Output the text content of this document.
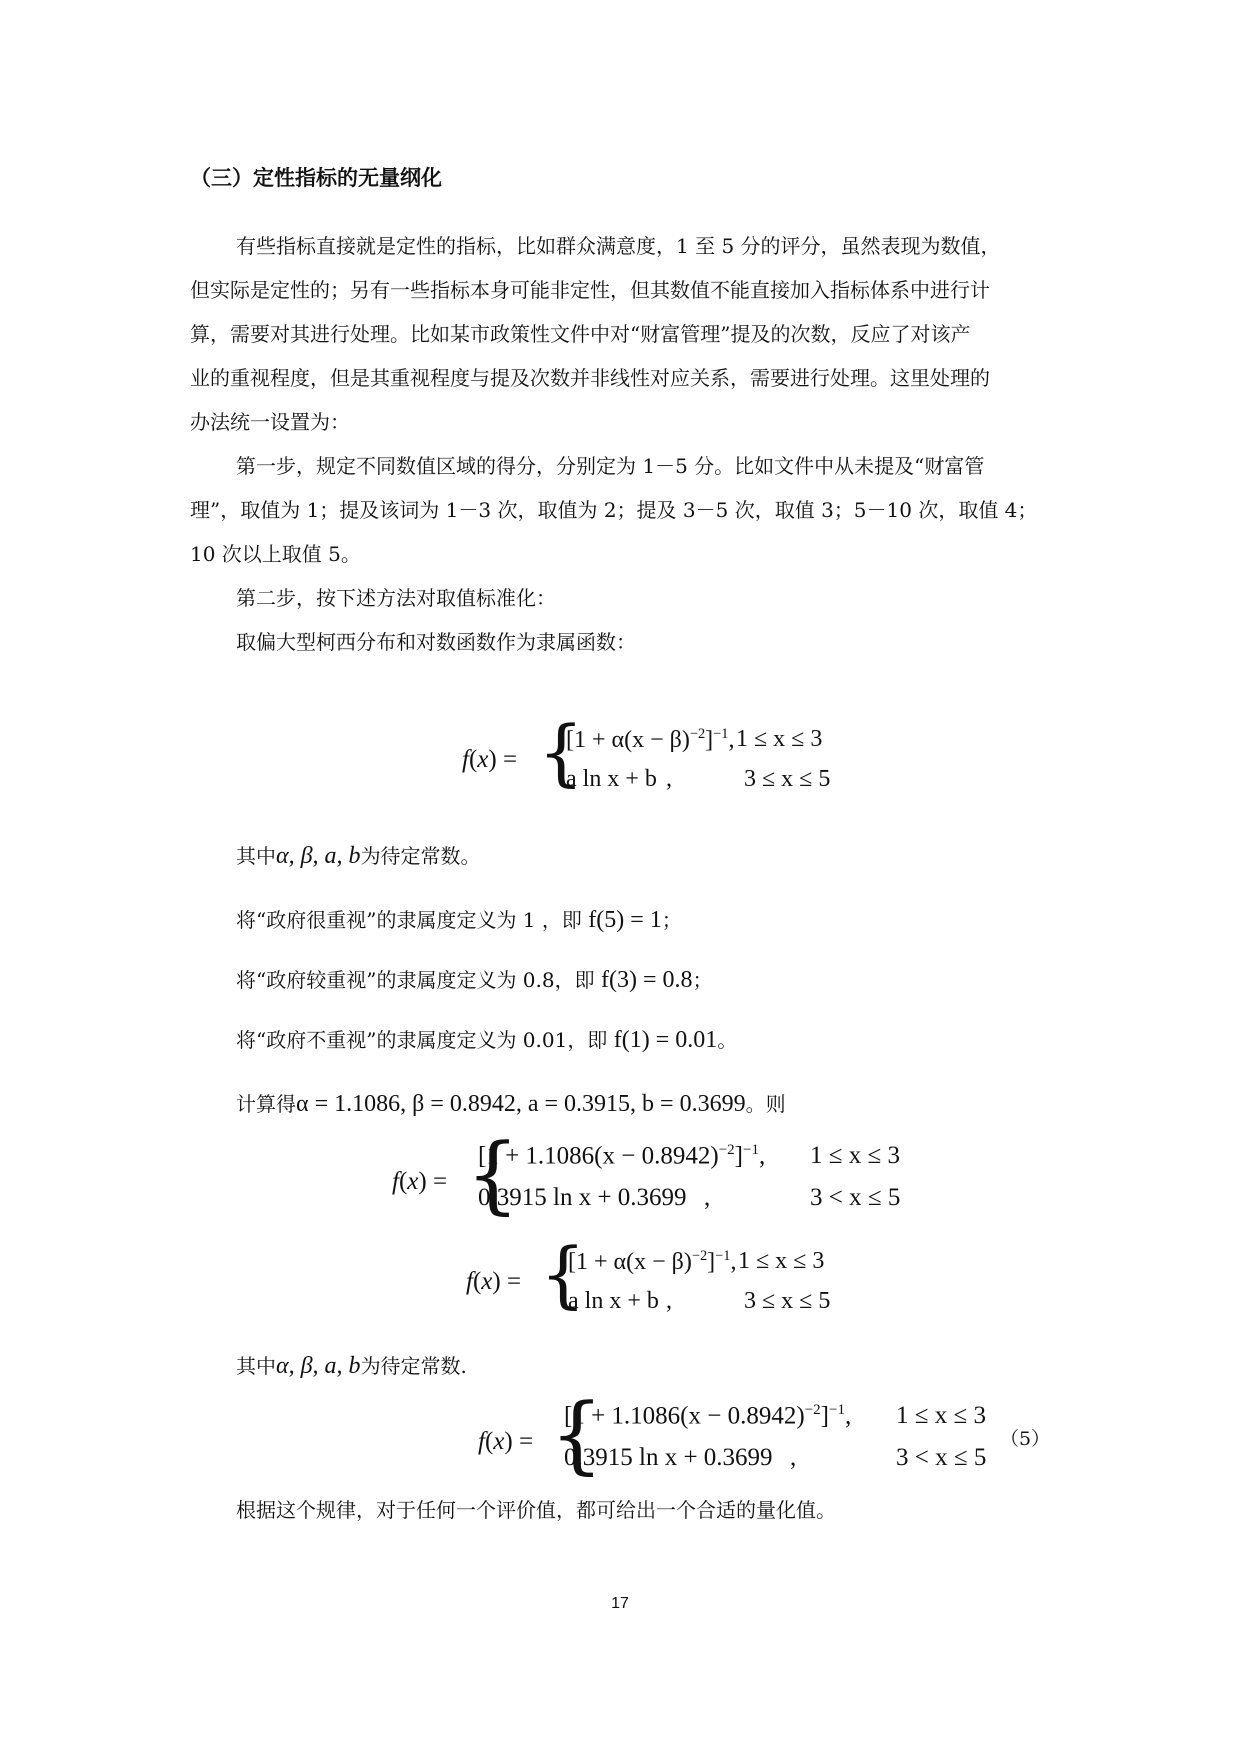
（三）定性指标的无量纲化
有些指标直接就是定性的指标，比如群众满意度，1 至 5 分的评分，虽然表现为数值，
但实际是定性的；另有一些指标本身可能非定性，但其数值不能直接加入指标体系中进行计
算，需要对其进行处理。比如某市政策性文件中对“财富管理”提及的次数，反应了对该产
业的重视程度，但是其重视程度与提及次数并非线性对应关系，需要进行处理。这里处理的
办法统一设置为：
第一步，规定不同数值区域的得分，分别定为 1－5 分。比如文件中从未提及“财富管
理”，取值为 1；提及该词为 1－3 次，取值为 2；提及 3－5 次，取值 3；5－10 次，取值 4；
10 次以上取值 5。
第二步，按下述方法对取值标准化：
取偏大型柯西分布和对数函数作为隶属函数：
f(x) = {
$[1 + \alpha(x - \beta)^{-2}]^{-1}$, 1 ≤ x ≤ 3
a ln x + b ,	3 ≤ x ≤ 5
其中α, β, a, b为待定常数。
将“政府很重视”的隶属度定义为 1 ，即 f(5) = 1；
将“政府较重视”的隶属度定义为 0.8，即 f(3) = 0.8；
将“政府不重视”的隶属度定义为 0.01，即 f(1) = 0.01。
计算得α = 1.1086, β = 0.8942, a = 0.3915, b = 0.3699。则
f(x) = {
$[1 + 1.1086(x - 0.8942)^{-2}]^{-1}$, 1 ≤ x ≤ 3
0.3915 ln x + 0.3699 ,	3 < x ≤ 5
f(x) = {
$[1 + \alpha(x - \beta)^{-2}]^{-1}$, 1 ≤ x ≤ 3
a ln x + b ,	3 ≤ x ≤ 5
其中α, β, a, b为待定常数.
f(x) = {
$[1 + 1.1086(x - 0.8942)^{-2}]^{-1}$, 1 ≤ x ≤ 3
0.3915 ln x + 0.3699 ,	3 < x ≤ 5
（5）
根据这个规律，对于任何一个评价值，都可给出一个合适的量化值。
17
